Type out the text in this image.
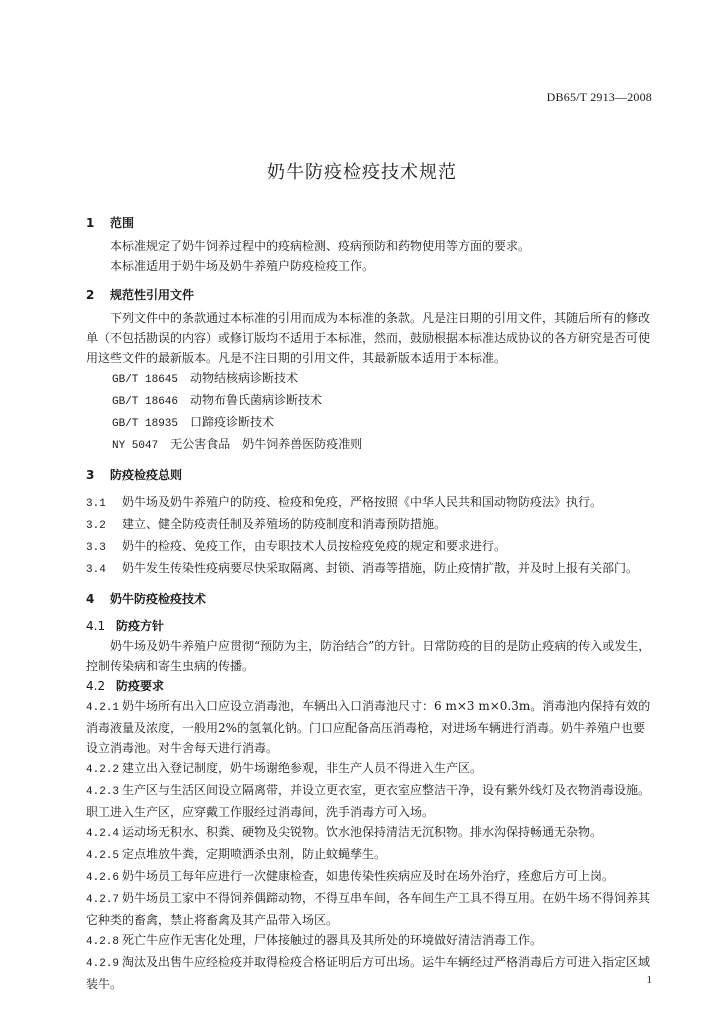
DB65/T 2913—2008
奶牛防疫检疫技术规范
1 范围

本标准规定了奶牛饲养过程中的疫病检测、疫病预防和药物使用等方面的要求。

本标准适用于奶牛场及奶牛养殖户防疫检疫工作。

2 规范性引用文件

下列文件中的条款通过本标准的引用而成为本标准的条款。凡是注日期的引用文件，其随后所有的修改单（不包括勘误的内容）或修订版均不适用于本标准，然而，鼓励根据本标准达成协议的各方研究是否可使用这些文件的最新版本。凡是不注日期的引用文件，其最新版本适用于本标准。

GB/T 18645　 动物结核病诊断技术
GB/T 18646　 动物布鲁氏菌病诊断技术
GB/T 18935　 口蹄疫诊断技术
NY 5047　 无公害食品　奶牛饲养兽医防疫准则
3 防疫检疫总则
3.1 奶牛场及奶牛养殖户的防疫、检疫和免疫，严格按照《中华人民共和国动物防疫法》执行。
3.2 建立、健全防疫责任制及养殖场的防疫制度和消毒预防措施。
3.3 奶牛的检疫、免疫工作，由专职技术人员按检疫免疫的规定和要求进行。
3.4 奶牛发生传染性疫病要尽快采取隔离、封锁、消毒等措施，防止疫情扩散，并及时上报有关部门。
4 奶牛防疫检疫技术
4.1 防疫方针

奶牛场及奶牛养殖户应贯彻“预防为主，防治结合”的方针。日常防疫的目的是防止疫病的传入或发生，控制传染病和寄生虫病的传播。

4.2 防疫要求
4.2.1 奶牛场所有出入口应设立消毒池，车辆出入口消毒池尺寸：6 m×3 m×0.3m。消毒池内保持有效的消毒液量及浓度，一般用2%的氢氧化钠。门口应配备高压消毒枪，对进场车辆进行消毒。奶牛养殖户也要设立消毒池。对牛舍每天进行消毒。
4.2.2 建立出入登记制度，奶牛场谢绝参观，非生产人员不得进入生产区。
4.2.3 生产区与生活区间设立隔离带，并设立更衣室，更衣室应整洁干净，设有紫外线灯及衣物消毒设施。职工进入生产区，应穿戴工作服经过消毒间，洗手消毒方可入场。
4.2.4 运动场无积水、积粪、硬物及尖锐物。饮水池保持清洁无沉积物。排水沟保持畅通无杂物。
4.2.5 定点堆放牛粪，定期喷洒杀虫剂，防止蚊蝇孳生。
4.2.6 奶牛场员工每年应进行一次健康检查，如患传染性疾病应及时在场外治疗，痊愈后方可上岗。
4.2.7 奶牛场员工家中不得饲养偶蹄动物，不得互串车间，各车间生产工具不得互用。在奶牛场不得饲养其它种类的畜禽，禁止将畜禽及其产品带入场区。
4.2.8 死亡牛应作无害化处理，尸体接触过的器具及其所处的环境做好清洁消毒工作。
4.2.9 淘汰及出售牛应经检疫并取得检疫合格证明后方可出场。运牛车辆经过严格消毒后方可进入指定区域装牛。	1
